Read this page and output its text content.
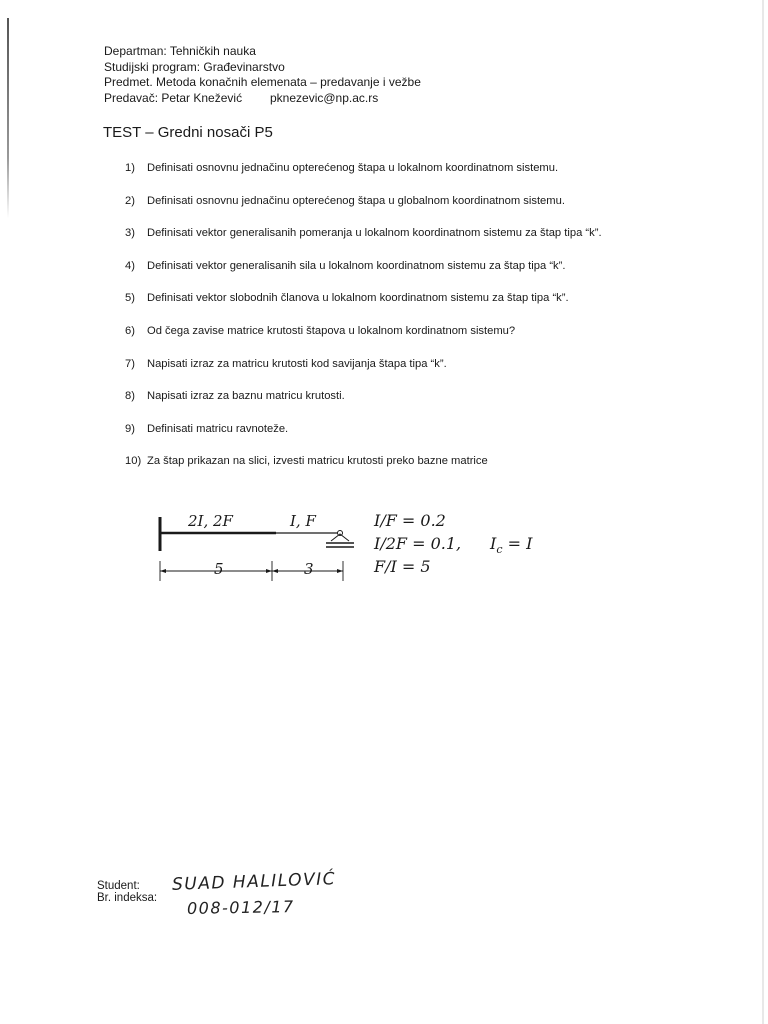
Departman: Tehničkih nauka
Studijski program: Građevinarstvo
Predmet. Metoda konačnih elemenata – predavanje i vežbe
Predavač: Petar Knežević pknezevic@np.ac.rs
TEST – Gredni nosači P5
1) Definisati osnovnu jednačinu opterećenog štapa u lokalnom koordinatnom sistemu.
2) Definisati osnovnu jednačinu opterećenog štapa u globalnom koordinatnom sistemu.
3) Definisati vektor generalisanih pomeranja u lokalnom koordinatnom sistemu za štap tipa “k”.
4) Definisati vektor generalisanih sila u lokalnom koordinatnom sistemu za štap tipa “k”.
5) Definisati vektor slobodnih članova u lokalnom koordinatnom sistemu za štap tipa “k”.
6) Od čega zavise matrice krutosti štapova u lokalnom kordinatnom sistemu?
7) Napisati izraz za matricu krutosti kod savijanja štapa tipa “k”.
8) Napisati izraz za baznu matricu krutosti.
9) Definisati matricu ravnoteže.
10) Za štap prikazan na slici, izvesti matricu krutosti preko bazne matrice
2I, 2F	I, F
5	3
I/F = 0.2
I/2F = 0.1, $I_c = I$
F/I = 5
Student: SUAD HALILOVIĆ
Br. indeksa: 008-012/17
